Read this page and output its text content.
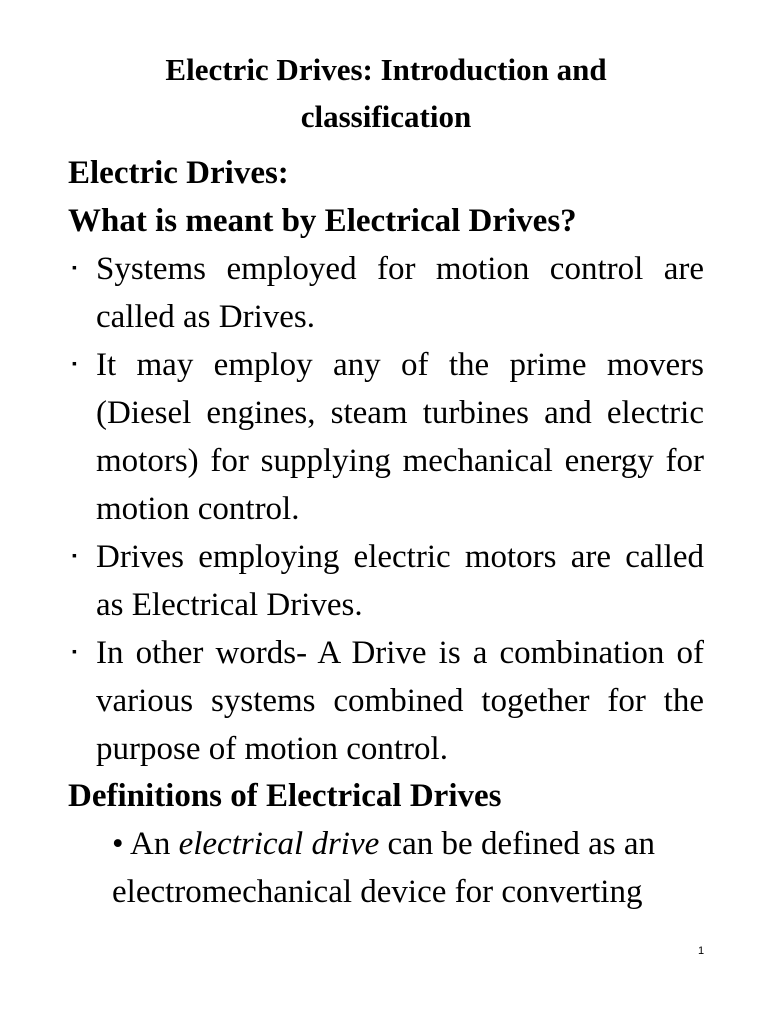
Electric Drives: Introduction and
classification
Electric Drives:
What is meant by Electrical Drives?
▪ Systems employed for motion control are called as Drives.
▪ It may employ any of the prime movers (Diesel engines, steam turbines and electric motors) for supplying mechanical energy for motion control.
▪ Drives employing electric motors are called as Electrical Drives.
▪ In other words- A Drive is a combination of various systems combined together for the purpose of motion control.
Definitions of Electrical Drives

• An electrical drive can be defined as an
electromechanical device for converting

1
